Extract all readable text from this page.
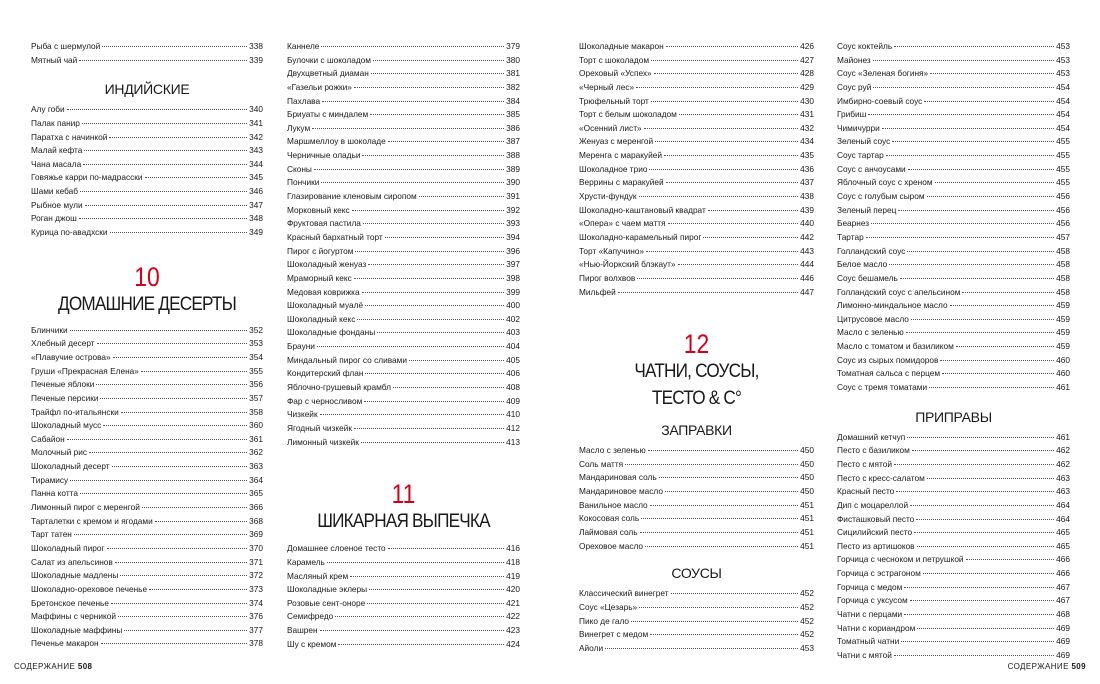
Рыба с шермулой	338
Мятный чай	339
ИНДИЙСКИЕ
Алу гоби	340
Палак панир	341
Паратха с начинкой	342
Малай кефта	343
Чана масала	344
Говяжье карри по-мадрасски	345
Шами кебаб	346
Рыбное мули	347
Роган джош	348
Курица по-авадхски	349
10
ДОМАШНИЕ ДЕСЕРТЫ
Блинчики	352
Хлебный десерт	353
«Плавучие острова»	354
Груши «Прекрасная Елена»	355
Печеные яблоки	356
Печеные персики	357
Трайфл по-итальянски	358
Шоколадный мусс	360
Сабайон	361
Молочный рис	362
Шоколадный десерт	363
Тирамису	364
Панна котта	365
Лимонный пирог с меренгой	366
Тарталетки с кремом и ягодами	368
Тарт татен	369
Шоколадный пирог	370
Салат из апельсинов	371
Шоколадные мадлены	372
Шоколадно-ореховое печенье	373
Бретонское печенье	374
Маффины с черникой	376
Шоколадные маффины	377
Печенье макарон	378
Каннеле	379
Булочки с шоколадом	380
Двухцветный диаман	381
«Газельи рожки»	382
Пахлава	384
Бриуаты с миндалем	385
Лукум	386
Маршмеллоу в шоколаде	387
Черничные оладьи	388
Сконы	389
Пончики	390
Глазирование кленовым сиропом	391
Морковный кекс	392
Фруктовая пастила	393
Красный бархатный торт	394
Пирог с йогуртом	396
Шоколадный женуаз	397
Мраморный кекс	398
Медовая коврижка	399
Шоколадный муалё	400
Шоколадный кекс	402
Шоколадные фонданы	403
Брауни	404
Миндальный пирог со сливами	405
Кондитерский флан	406
Яблочно-грушевый крамбл	408
Фар с черносливом	409
Чизкейк	410
Ягодный чизкейк	412
Лимонный чизкейк	413
11
ШИКАРНАЯ ВЫПЕЧКА
Домашнее слоеное тесто	416
Карамель	418
Масляный крем	419
Шоколадные эклеры	420
Розовые сент-оноре	421
Семифредо	422
Вашрен	423
Шу с кремом	424
Шоколадные макарон	426
Торт с шоколадом	427
Ореховый «Успех»	428
«Черный лес»	429
Трюфельный торт	430
Торт с белым шоколадом	431
«Осенний лист»	432
Женуаз с меренгой	434
Меренга с маракуйей	435
Шоколадное трио	436
Веррины с маракуйей	437
Хрусти-фундук	438
Шоколадно-каштановый квадрат	439
«Опера» с чаем маття	440
Шоколадно-карамельный пирог	442
Торт «Капучино»	443
«Нью-Йоркский блэкаут»	444
Пирог волхвов	446
Мильфей	447
12
ЧАТНИ, СОУСЫ,
ТЕСТО & С°
ЗАПРАВКИ
Масло с зеленью	450
Соль маття	450
Мандариновая соль	450
Мандариновое масло	450
Ванильное масло	451
Кокосовая соль	451
Лаймовая соль	451
Ореховое масло	451
СОУСЫ
Классический винегрет	452
Соус «Цезарь»	452
Пико де гало	452
Винегрет с медом	452
Айоли	453
Соус коктейль	453
Майонез	453
Соус «Зеленая богиня»	453
Соус руй	454
Имбирно-соевый соус	454
Грибиш	454
Чимичурри	454
Зеленый соус	455
Соус тартар	455
Соус с анчоусами	455
Яблочный соус с хреном	455
Соус с голубым сыром	456
Зеленый перец	456
Беарнез	456
Тартар	457
Голландский соус	458
Белое масло	458
Соус бешамель	458
Голландский соус с апельсином	458
Лимонно-миндальное масло	459
Цитрусовое масло	459
Масло с зеленью	459
Масло с томатом и базиликом	459
Соус из сырых помидоров	460
Томатная сальса с перцем	460
Соус с тремя томатами	461
ПРИПРАВЫ
Домашний кетчуп	461
Песто с базиликом	462
Песто с мятой	462
Песто с кресс-салатом	463
Красный песто	463
Дип с моцареллой	464
Фисташковый песто	464
Сицилийский песто	465
Песто из артишоков	465
Горчица с чесноком и петрушкой	466
Горчица с эстрагоном	466
Горчица с медом	467
Горчица с уксусом	467
Чатни с перцами	468
Чатни с кориандром	469
Томатный чатни	469
Чатни с мятой	469
СОДЕРЖАНИЕ 508	СОДЕРЖАНИЕ 509
